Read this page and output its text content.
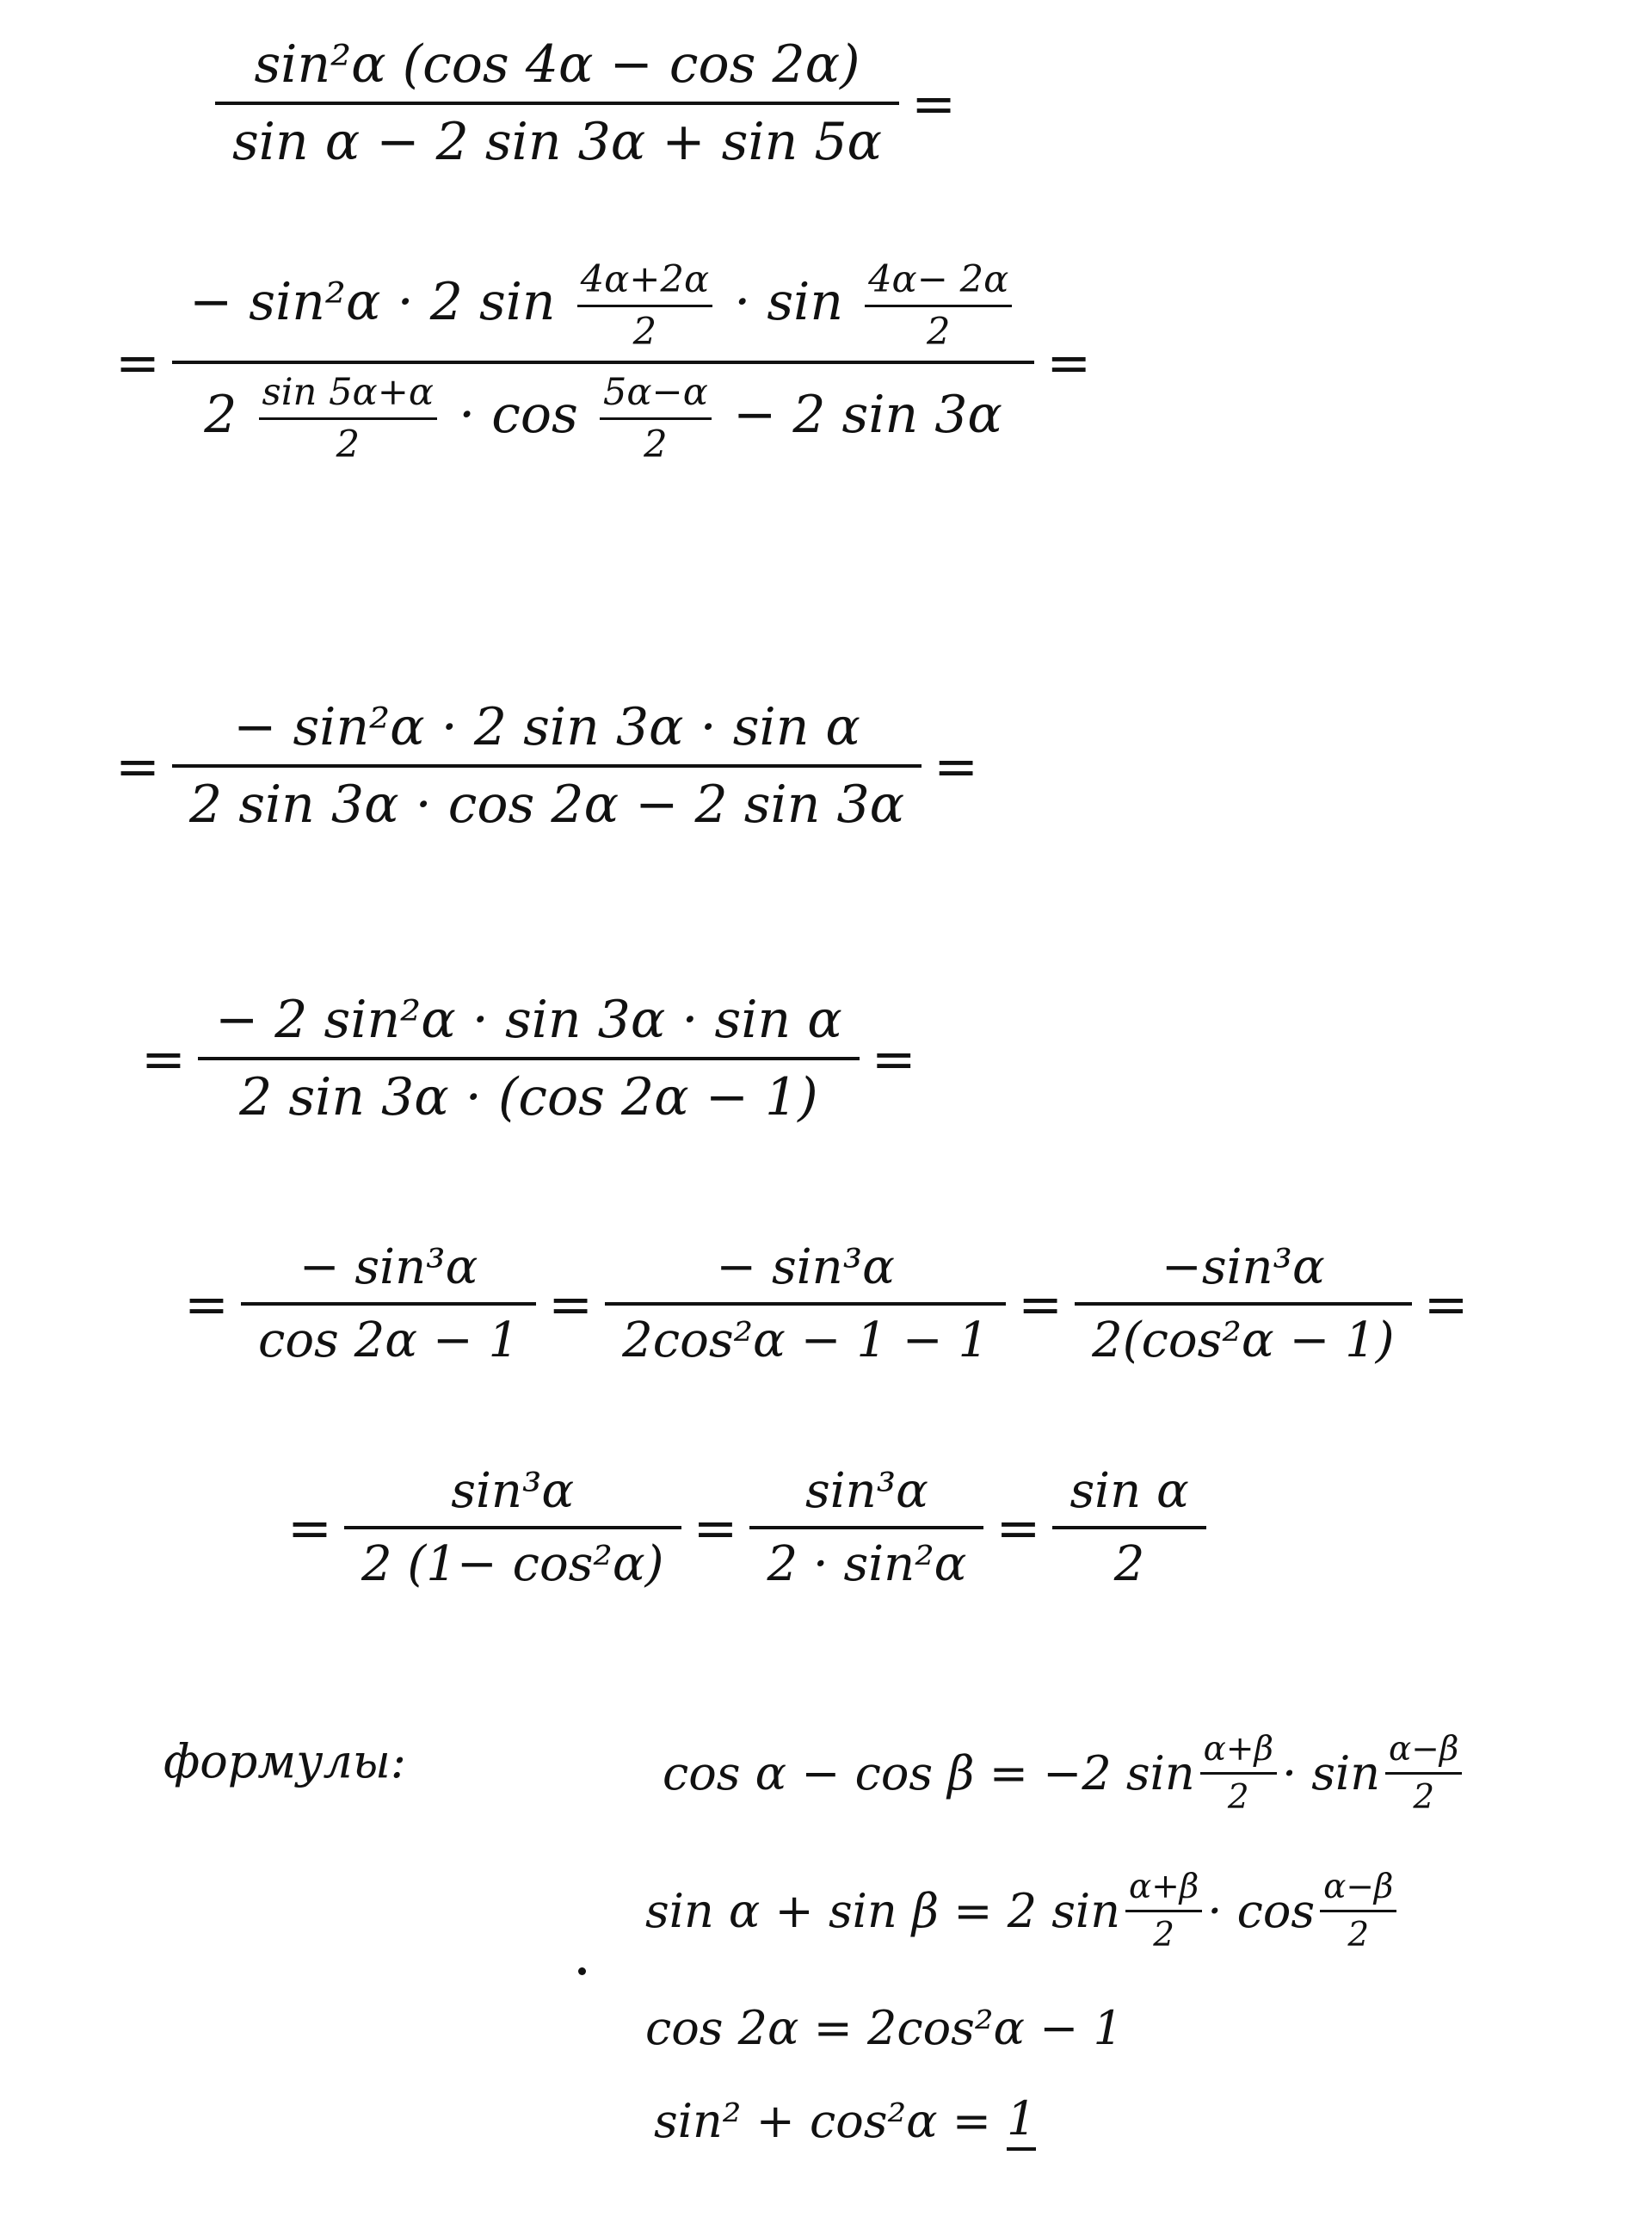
$\frac{\text{sin²α (cos 4α − cos 2α)}}{\text{sin α − 2 sin 3α + sin 5α}}$ =
=
− sin²α · 2 $\sin \frac{4\alpha+2\alpha}{2} \cdot \sin \frac{4\alpha- 2\alpha}{2}$
$2 \frac{\sin 5\alpha+\alpha}{2} \cdot \cos \frac{5\alpha-\alpha}{2} - 2$ sin 3α
=
= $\frac{\text{− sin²α · 2 sin 3α · sin α}}{2 \sin 3\alpha \cdot \cos 2\alpha - 2 \sin 3\alpha}$ =
= $\frac{\text{− 2 sin²α · sin 3α · sin α}}{2 \sin 3\alpha \cdot (\cos 2\alpha - 1)}$ =
= $\frac{\text{− sin³α}}{\cos 2\alpha - 1} = \frac{\text{− sin³α}}{\text{2cos²α − 1 − 1}} = \frac{\text{−sin³α}}{\text{2(cos²α − 1)}}$ =
= $\frac{\text{sin³α}}{\text{2 (1− cos²α)}} = \frac{\text{sin³α}}{\text{2 · sin²α}} = \frac{\text{sin α}}{2}$
формулы:	cos α − cos β = −2 sin α+β
2 · sin α−β
2
sin α + sin β = 2 sin α+β
2 · cos α−β
2
cos 2α = 2cos²α − 1
sin² + cos²α = 1
